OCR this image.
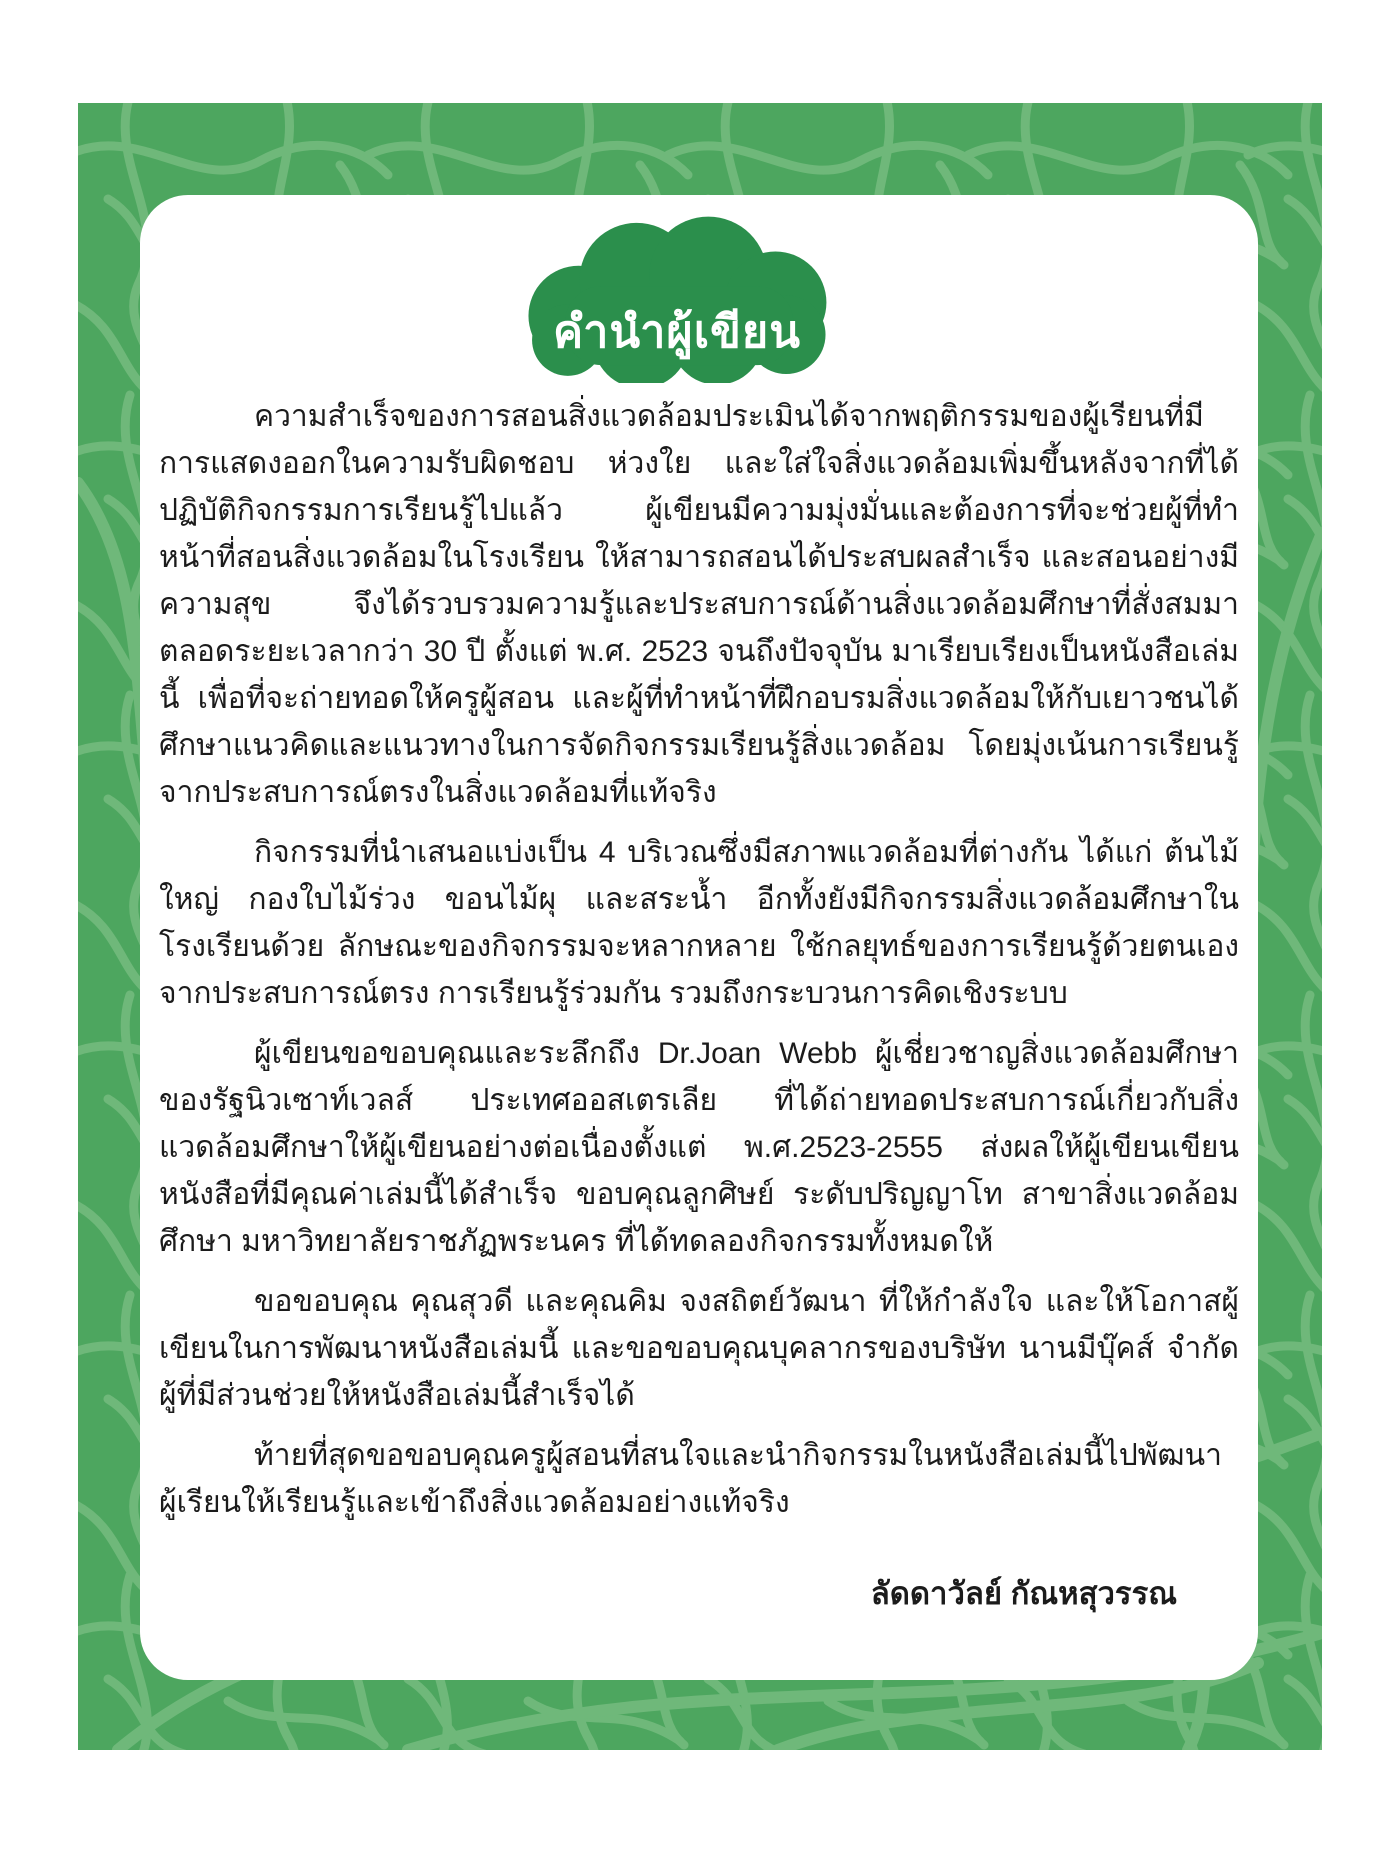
คำนำผู้เขียน

ความสำเร็จของการสอนสิ่งแวดล้อมประเมินได้จากพฤติกรรมของผู้เรียนที่มีการแสดงออกในความรับผิดชอบ ห่วงใย และใส่ใจสิ่งแวดล้อมเพิ่มขึ้นหลังจากที่ได้ปฏิบัติกิจกรรมการเรียนรู้ไปแล้ว ผู้เขียนมีความมุ่งมั่นและต้องการที่จะช่วยผู้ที่ทำหน้าที่สอนสิ่งแวดล้อมในโรงเรียน ให้สามารถสอนได้ประสบผลสำเร็จ และสอนอย่างมีความสุข จึงได้รวบรวมความรู้และประสบการณ์ด้านสิ่งแวดล้อมศึกษาที่สั่งสมมาตลอดระยะเวลากว่า 30 ปี ตั้งแต่ พ.ศ. 2523 จนถึงปัจจุบัน มาเรียบเรียงเป็นหนังสือเล่มนี้ เพื่อที่จะถ่ายทอดให้ครูผู้สอน และผู้ที่ทำหน้าที่ฝึกอบรมสิ่งแวดล้อมให้กับเยาวชนได้ศึกษาแนวคิดและแนวทางในการจัดกิจกรรมเรียนรู้สิ่งแวดล้อม โดยมุ่งเน้นการเรียนรู้จากประสบการณ์ตรงในสิ่งแวดล้อมที่แท้จริง

กิจกรรมที่นำเสนอแบ่งเป็น 4 บริเวณซึ่งมีสภาพแวดล้อมที่ต่างกัน ได้แก่ ต้นไม้ใหญ่ กองใบไม้ร่วง ขอนไม้ผุ และสระน้ำ อีกทั้งยังมีกิจกรรมสิ่งแวดล้อมศึกษาในโรงเรียนด้วย ลักษณะของกิจกรรมจะหลากหลาย ใช้กลยุทธ์ของการเรียนรู้ด้วยตนเองจากประสบการณ์ตรง การเรียนรู้ร่วมกัน รวมถึงกระบวนการคิดเชิงระบบ

ผู้เขียนขอขอบคุณและระลึกถึง Dr.Joan Webb ผู้เชี่ยวชาญสิ่งแวดล้อมศึกษาของรัฐนิวเซาท์เวลส์ ประเทศออสเตรเลีย ที่ได้ถ่ายทอดประสบการณ์เกี่ยวกับสิ่งแวดล้อมศึกษาให้ผู้เขียนอย่างต่อเนื่องตั้งแต่ พ.ศ.2523-2555 ส่งผลให้ผู้เขียนเขียนหนังสือที่มีคุณค่าเล่มนี้ได้สำเร็จ ขอบคุณลูกศิษย์ ระดับปริญญาโท สาขาสิ่งแวดล้อมศึกษา มหาวิทยาลัยราชภัฏพระนคร ที่ได้ทดลองกิจกรรมทั้งหมดให้

ขอขอบคุณ คุณสุวดี และคุณคิม จงสถิตย์วัฒนา ที่ให้กำลังใจ และให้โอกาสผู้เขียนในการพัฒนาหนังสือเล่มนี้ และขอขอบคุณบุคลากรของบริษัท นานมีบุ๊คส์ จำกัด ผู้ที่มีส่วนช่วยให้หนังสือเล่มนี้สำเร็จได้

ท้ายที่สุดขอขอบคุณครูผู้สอนที่สนใจและนำกิจกรรมในหนังสือเล่มนี้ไปพัฒนาผู้เรียนให้เรียนรู้และเข้าถึงสิ่งแวดล้อมอย่างแท้จริง

ลัดดาวัลย์ กัณหสุวรรณ
